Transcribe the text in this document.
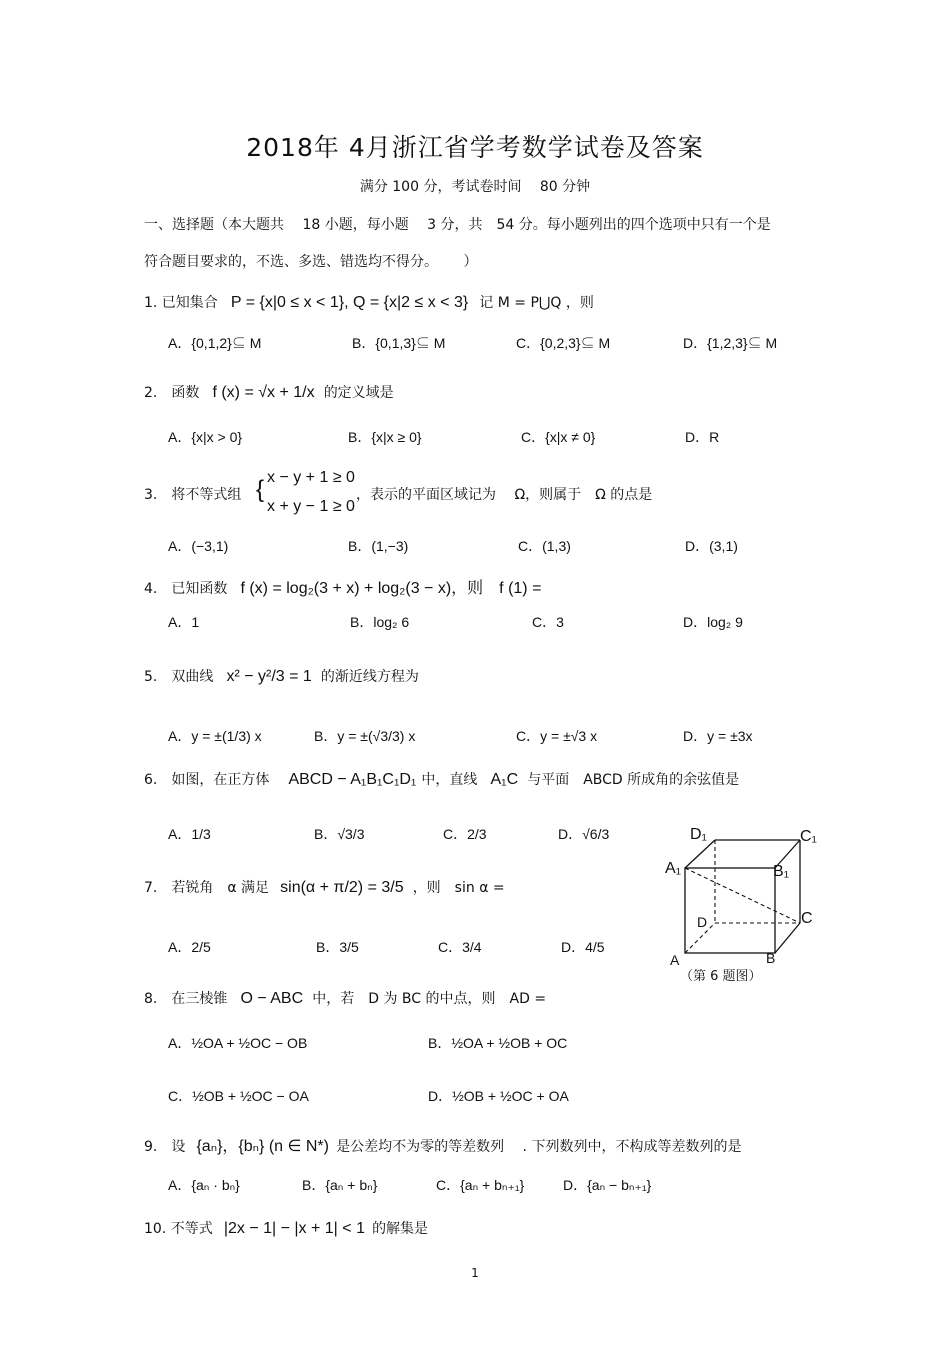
2018年 4月浙江省学考数学试卷及答案
满分 100 分，考试卷时间　 80 分钟
一、选择题（本大题共　 18 小题，每小题　 3 分，共　54 分。每小题列出的四个选项中只有一个是
符合题目要求的，不选、多选、错选均不得分。　　 ）
1. 已知集合 P = {x|0 ≤ x < 1}, Q = {x|2 ≤ x < 3} 记 M = P⋃Q ，则
A．{0,1,2}⊆ M	B．{0,1,3}⊆ M	C．{0,2,3}⊆ M	D．{1,2,3}⊆ M
2.　函数 f (x) = √x + 1/x 的定义域是
A．{x|x > 0}	B．{x|x ≥ 0}	C．{x|x ≠ 0}	D．R
3.　将不等式组 { x − y + 1 ≥ 0
x + y − 1 ≥ 0
，表示的平面区域记为　 Ω，则属于　Ω 的点是
A．(−3,1)	B．(1,−3)	C．(1,3)	D．(3,1)
4.　已知函数 f (x) = log₂(3 + x) + log₂(3 − x)，则　f (1) =
A．1	B．log₂ 6	C．3	D．log₂ 9
5.　双曲线 x² − y²/3 = 1 的渐近线方程为
A．y = ±(1/3) x	B．y = ±(√3/3) x	C．y = ±√3 x	D．y = ±3x
6.　如图，在正方体 ABCD − A₁B₁C₁D₁ 中，直线 A₁C 与平面　ABCD 所成角的余弦值是
A．1/3	B．√3/3	C．2/3	D．√6/3
7.　若锐角　α 满足 sin(α + π/2) = 3/5 ，则　sin α =
A．2/5	B．3/5	C．3/4	D．4/5
D₁	C₁
A₁	B₁
D	C
A	B
（第 6 题图）
8.　在三棱锥 O − ABC 中，若　D 为 BC 的中点，则　AD =
A．½OA + ½OC − OB	B．½OA + ½OB + OC
C．½OB + ½OC − OA	D．½OB + ½OC + OA
9.　设 {aₙ}，{bₙ} (n ∈ N*) 是公差均不为零的等差数列　 . 下列数列中，不构成等差数列的是
A．{aₙ · bₙ}	B．{aₙ + bₙ}	C．{aₙ + bₙ₊₁}	D．{aₙ − bₙ₊₁}
10. 不等式 |2x − 1| − |x + 1| < 1 的解集是
1
